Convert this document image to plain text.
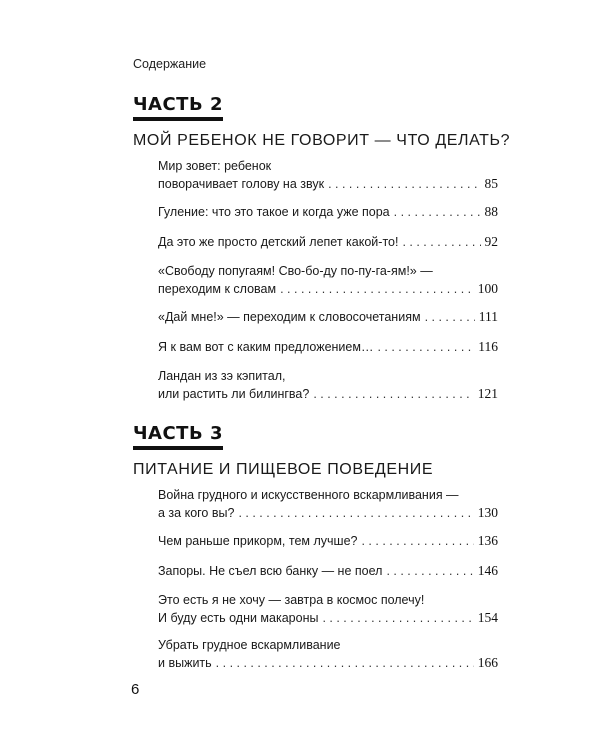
Содержание
ЧАСТЬ 2
МОЙ РЕБЕНОК НЕ ГОВОРИТ — ЧТО ДЕЛАТЬ?
Мир зовет: ребенок
поворачивает голову на звук . . .	85
Гуление: что это такое и когда уже пора . . .	88
Да это же просто детский лепет какой-то! . . .	92
«Свободу попугаям! Сво-бо-ду по-пу-га-ям!» —
переходим к словам . . .	100
«Дай мне!» — переходим к словосочетаниям . . .	111
Я к вам вот с каким предложением… . . .	116
Ландан из зэ кэпитал,
или растить ли билингва? . . .	121
ЧАСТЬ 3
ПИТАНИЕ И ПИЩЕВОЕ ПОВЕДЕНИЕ
Война грудного и искусственного вскармливания —
а за кого вы? . . .	130
Чем раньше прикорм, тем лучше? . . .	136
Запоры. Не съел всю банку — не поел . . .	146
Это есть я не хочу — завтра в космос полечу!
И буду есть одни макароны . . .	154
Убрать грудное вскармливание
и выжить . . .	166
6
